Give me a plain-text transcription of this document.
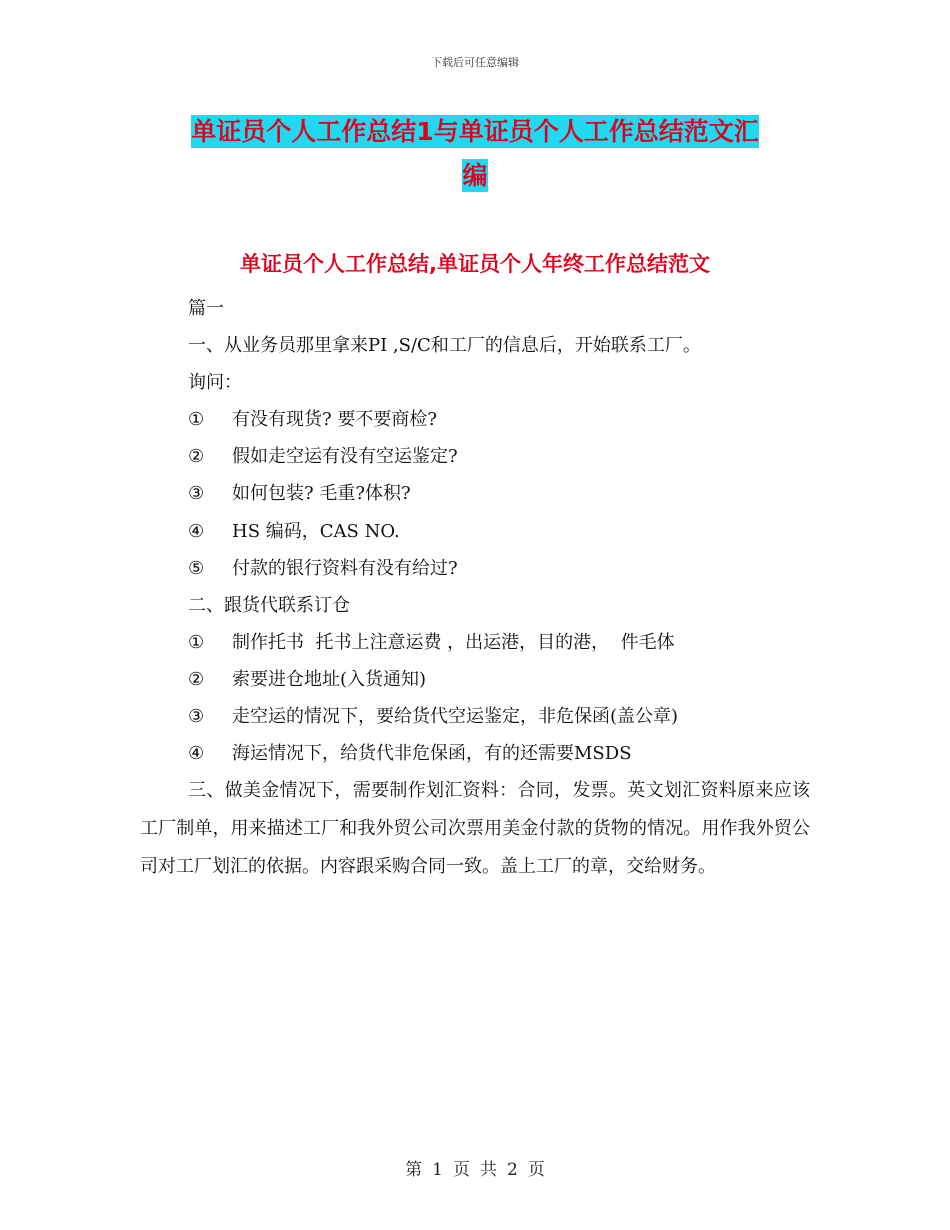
下载后可任意编辑
单证员个人工作总结1与单证员个人工作总结范文汇
编
单证员个人工作总结,单证员个人年终工作总结范文
篇一
一、从业务员那里拿来PI ,S/C和工厂的信息后，开始联系工厂。
询问：
① 有没有现货? 要不要商检?
② 假如走空运有没有空运鉴定?
③ 如何包装? 毛重?体积?
④ HS 编码，CAS NO.
⑤ 付款的银行资料有没有给过?
二、跟货代联系订仓
① 制作托书  托书上注意运费 ，出运港，目的港，  件毛体
② 索要进仓地址(入货通知)
③ 走空运的情况下，要给货代空运鉴定，非危保函(盖公章)
④ 海运情况下，给货代非危保函，有的还需要MSDS
三、做美金情况下，需要制作划汇资料：合同，发票。英文划汇资料原来应该工厂制单，用来描述工厂和我外贸公司次票用美金付款的货物的情况。用作我外贸公司对工厂划汇的依据。内容跟采购合同一致。盖上工厂的章，交给财务。
第 1 页 共 2 页
